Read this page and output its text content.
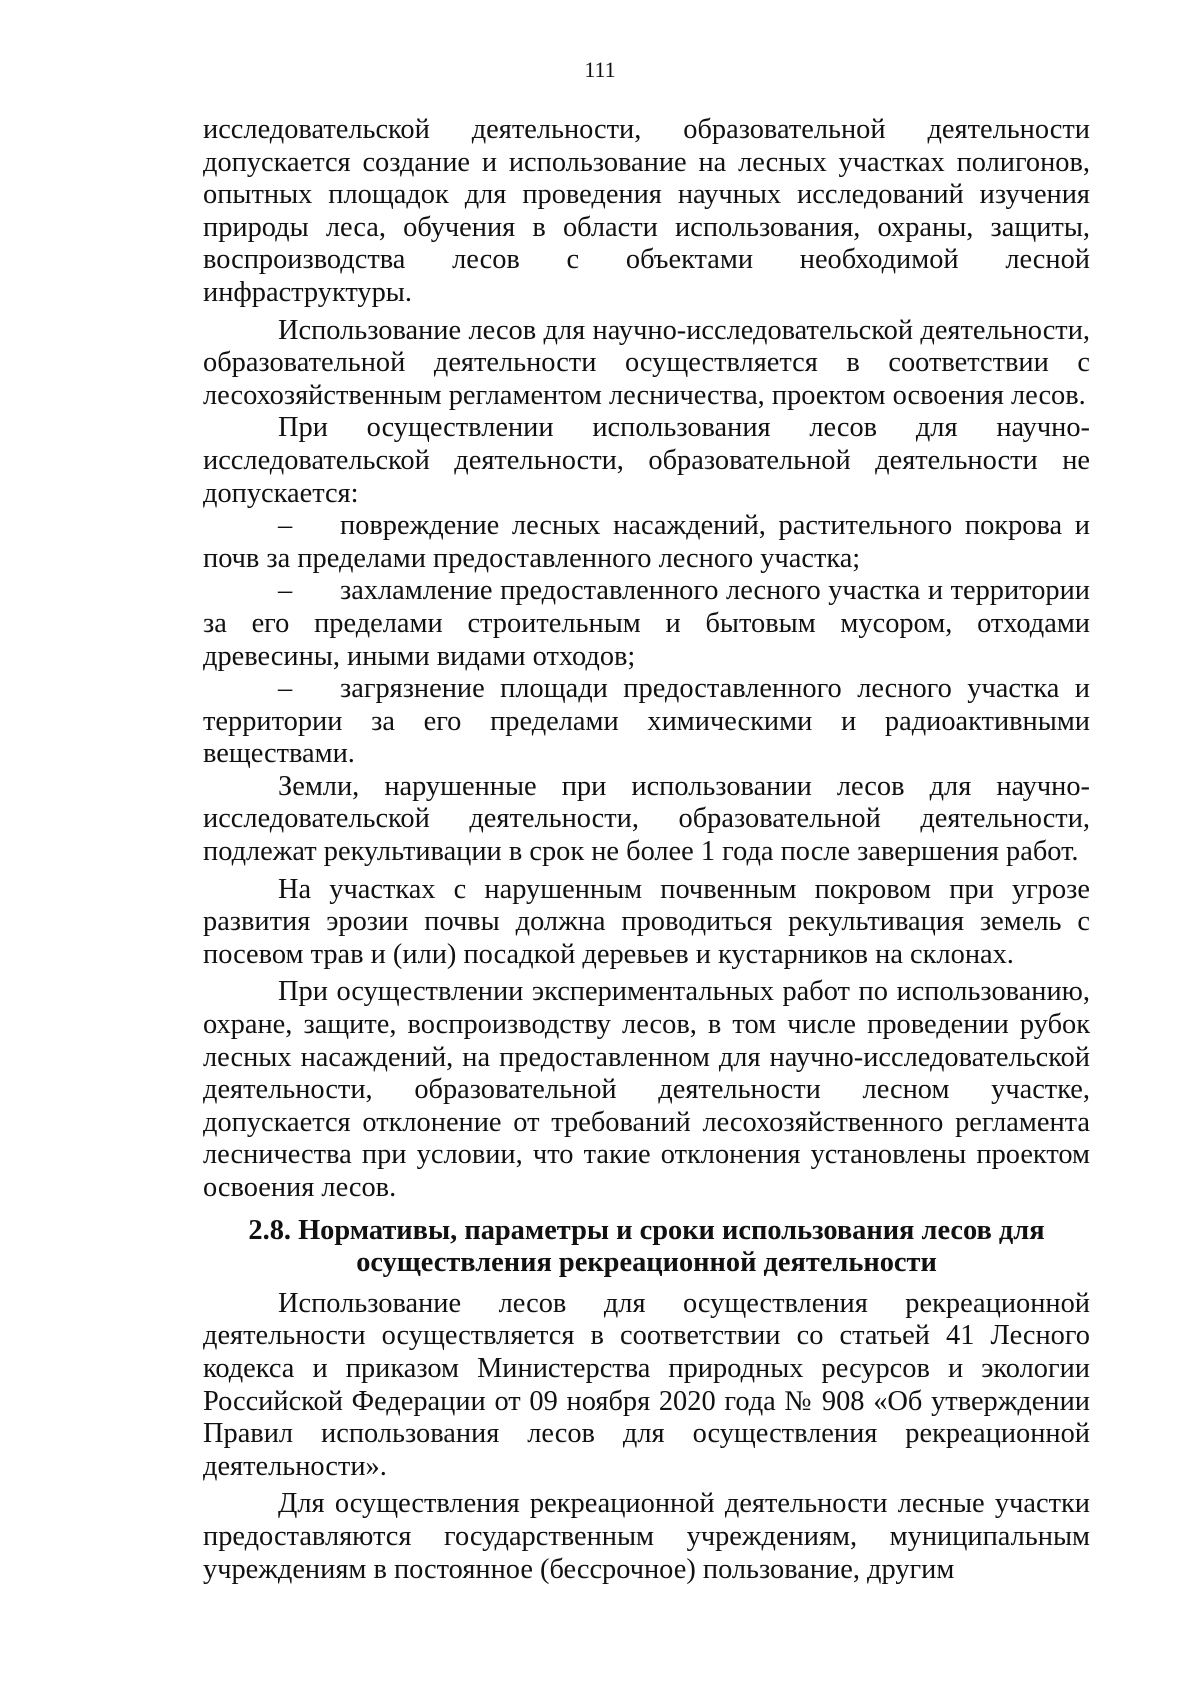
111

исследовательской деятельности, образовательной деятельности допускается создание и использование на лесных участках полигонов, опытных площадок для проведения научных исследований изучения природы леса, обучения в области использования, охраны, защиты, воспроизводства лесов с объектами необходимой лесной инфраструктуры.

Использование лесов для научно-исследовательской деятельности, образовательной деятельности осуществляется в соответствии с лесохозяйственным регламентом лесничества, проектом освоения лесов.

При осуществлении использования лесов для научно-исследовательской деятельности, образовательной деятельности не допускается:

– повреждение лесных насаждений, растительного покрова и почв за пределами предоставленного лесного участка;

– захламление предоставленного лесного участка и территории за его пределами строительным и бытовым мусором, отходами древесины, иными видами отходов;

– загрязнение площади предоставленного лесного участка и территории за его пределами химическими и радиоактивными веществами.

Земли, нарушенные при использовании лесов для научно-исследовательской деятельности, образовательной деятельности, подлежат рекультивации в срок не более 1 года после завершения работ.

На участках с нарушенным почвенным покровом при угрозе развития эрозии почвы должна проводиться рекультивация земель с посевом трав и (или) посадкой деревьев и кустарников на склонах.

При осуществлении экспериментальных работ по использованию, охране, защите, воспроизводству лесов, в том числе проведении рубок лесных насаждений, на предоставленном для научно-исследовательской деятельности, образовательной деятельности лесном участке, допускается отклонение от требований лесохозяйственного регламента лесничества при условии, что такие отклонения установлены проектом освоения лесов.

2.8. Нормативы, параметры и сроки использования лесов для
осуществления рекреационной деятельности

Использование лесов для осуществления рекреационной деятельности осуществляется в соответствии со статьей 41 Лесного кодекса и приказом Министерства природных ресурсов и экологии Российской Федерации от 09 ноября 2020 года № 908 «Об утверждении Правил использования лесов для осуществления рекреационной деятельности».

Для осуществления рекреационной деятельности лесные участки предоставляются государственным учреждениям, муниципальным учреждениям в постоянное (бессрочное) пользование, другим
